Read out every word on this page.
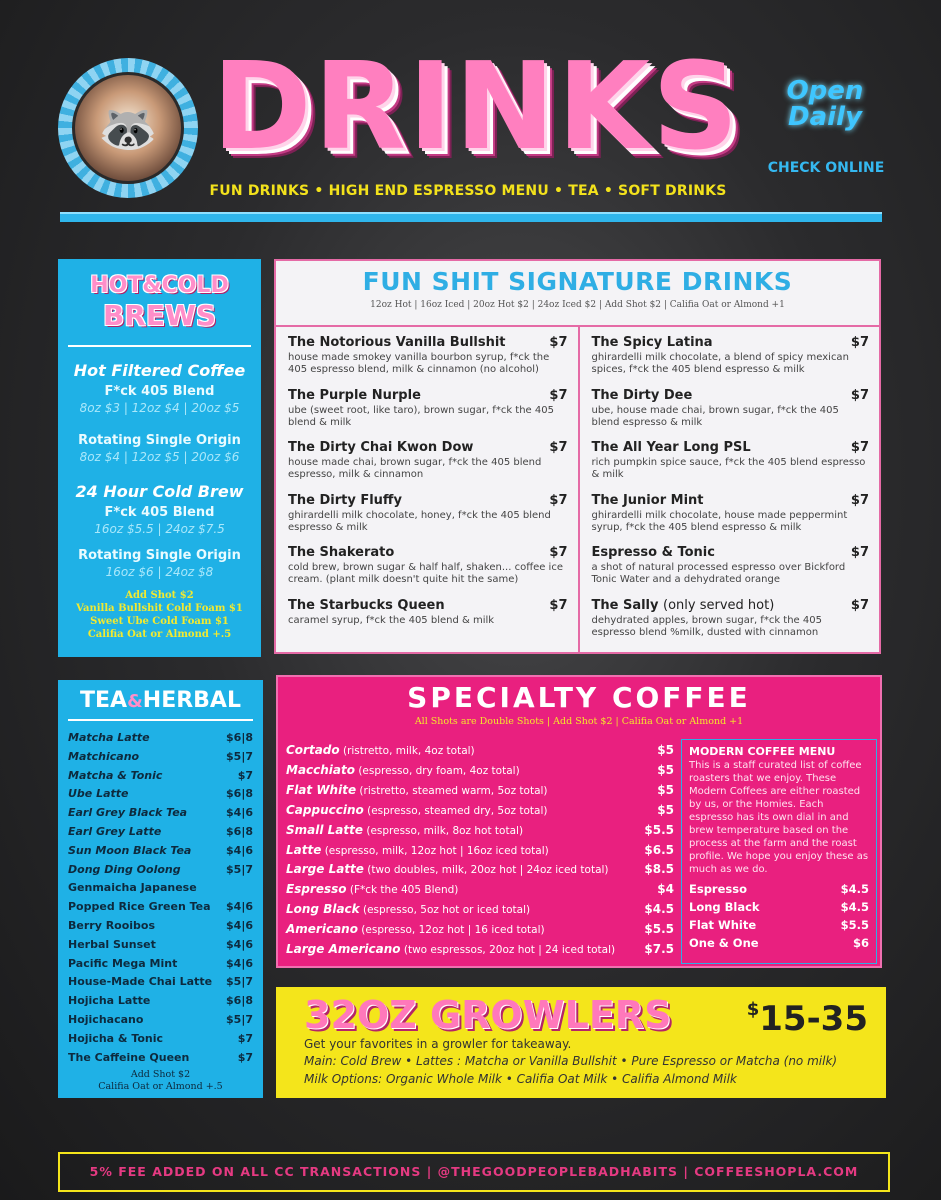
🦝 DRINKS	Open Daily
CHECK ONLINE
FUN DRINKS • HIGH END ESPRESSO MENU • TEA • SOFT DRINKS
HOT&COLD
BREWS
Hot Filtered Coffee
F*ck 405 Blend
8oz $3 | 12oz $4 | 20oz $5
Rotating Single Origin
8oz $4 | 12oz $5 | 20oz $6
24 Hour Cold Brew
F*ck 405 Blend
16oz $5.5 | 24oz $7.5
Rotating Single Origin
16oz $6 | 24oz $8
Add Shot $2
Vanilla Bullshit Cold Foam $1
Sweet Ube Cold Foam $1
Califia Oat or Almond +.5
FUN SHIT SIGNATURE DRINKS
12oz Hot | 16oz Iced | 20oz Hot $2 | 24oz Iced $2 | Add Shot $2 | Califia Oat or Almond +1
The Notorious Vanilla Bullshit	$7
house made smokey vanilla bourbon syrup, f*ck the 405 espresso blend, milk & cinnamon (no alcohol)
The Purple Nurple	$7
ube (sweet root, like taro), brown sugar, f*ck the 405 blend & milk
The Dirty Chai Kwon Dow	$7
house made chai, brown sugar, f*ck the 405 blend espresso, milk & cinnamon
The Dirty Fluffy	$7
ghirardelli milk chocolate, honey, f*ck the 405 blend espresso & milk
The Shakerato	$7
cold brew, brown sugar & half half, shaken... coffee ice cream. (plant milk doesn't quite hit the same)
The Starbucks Queen	$7
caramel syrup, f*ck the 405 blend & milk
The Spicy Latina	$7
ghirardelli milk chocolate, a blend of spicy mexican spices, f*ck the 405 blend espresso & milk
The Dirty Dee	$7
ube, house made chai, brown sugar, f*ck the 405 blend espresso & milk
The All Year Long PSL	$7
rich pumpkin spice sauce, f*ck the 405 blend espresso & milk
The Junior Mint	$7
ghirardelli milk chocolate, house made peppermint syrup, f*ck the 405 blend espresso & milk
Espresso & Tonic	$7
a shot of natural processed espresso over Bickford Tonic Water and a dehydrated orange
The Sally (only served hot)	$7
dehydrated apples, brown sugar, f*ck the 405 espresso blend %milk, dusted with cinnamon
TEA&HERBAL
Matcha Latte	$6|8
Matchicano	$5|7
Matcha & Tonic	$7
Ube Latte	$6|8
Earl Grey Black Tea	$4|6
Earl Grey Latte	$6|8
Sun Moon Black Tea	$4|6
Dong Ding Oolong	$5|7
Genmaicha Japanese
Popped Rice Green Tea $4|6
Berry Rooibos	$4|6
Herbal Sunset	$4|6
Pacific Mega Mint	$4|6
House-Made Chai Latte $5|7
Hojicha Latte	$6|8
Hojichacano	$5|7
Hojicha & Tonic	$7
The Caffeine Queen	$7
Add Shot $2
Califia Oat or Almond +.5
SPECIALTY COFFEE
All Shots are Double Shots | Add Shot $2 | Califia Oat or Almond +1
Cortado (ristretto, milk, 4oz total)	$5
Macchiato (espresso, dry foam, 4oz total)	$5
Flat White (ristretto, steamed warm, 5oz total)	$5
Cappuccino (espresso, steamed dry, 5oz total)	$5
Small Latte (espresso, milk, 8oz hot total)	$5.5
Latte (espresso, milk, 12oz hot | 16oz iced total)	$6.5
Large Latte (two doubles, milk, 20oz hot | 24oz iced total)	$8.5
Espresso (F*ck the 405 Blend)	$4
Long Black (espresso, 5oz hot or iced total)	$4.5
Americano (espresso, 12oz hot | 16 iced total)	$5.5
Large Americano (two espressos, 20oz hot | 24 iced total) $7.5
MODERN COFFEE MENU
This is a staff curated list of coffee roasters that we enjoy. These Modern Coffees are either roasted by us, or the Homies. Each espresso has its own dial in and brew temperature based on the process at the farm and the roast profile. We hope you enjoy these as much as we do.
Espresso	$4.5
Long Black	$4.5
Flat White	$5.5
One & One	$6
32OZ GROWLERS	$15-35
Get your favorites in a growler for takeaway.
Main: Cold Brew • Lattes : Matcha or Vanilla Bullshit • Pure Espresso or Matcha (no milk)
Milk Options: Organic Whole Milk • Califia Oat Milk • Califia Almond Milk
5% FEE ADDED ON ALL CC TRANSACTIONS | @THEGOODPEOPLEBADHABITS | COFFEESHOPLA.COM
